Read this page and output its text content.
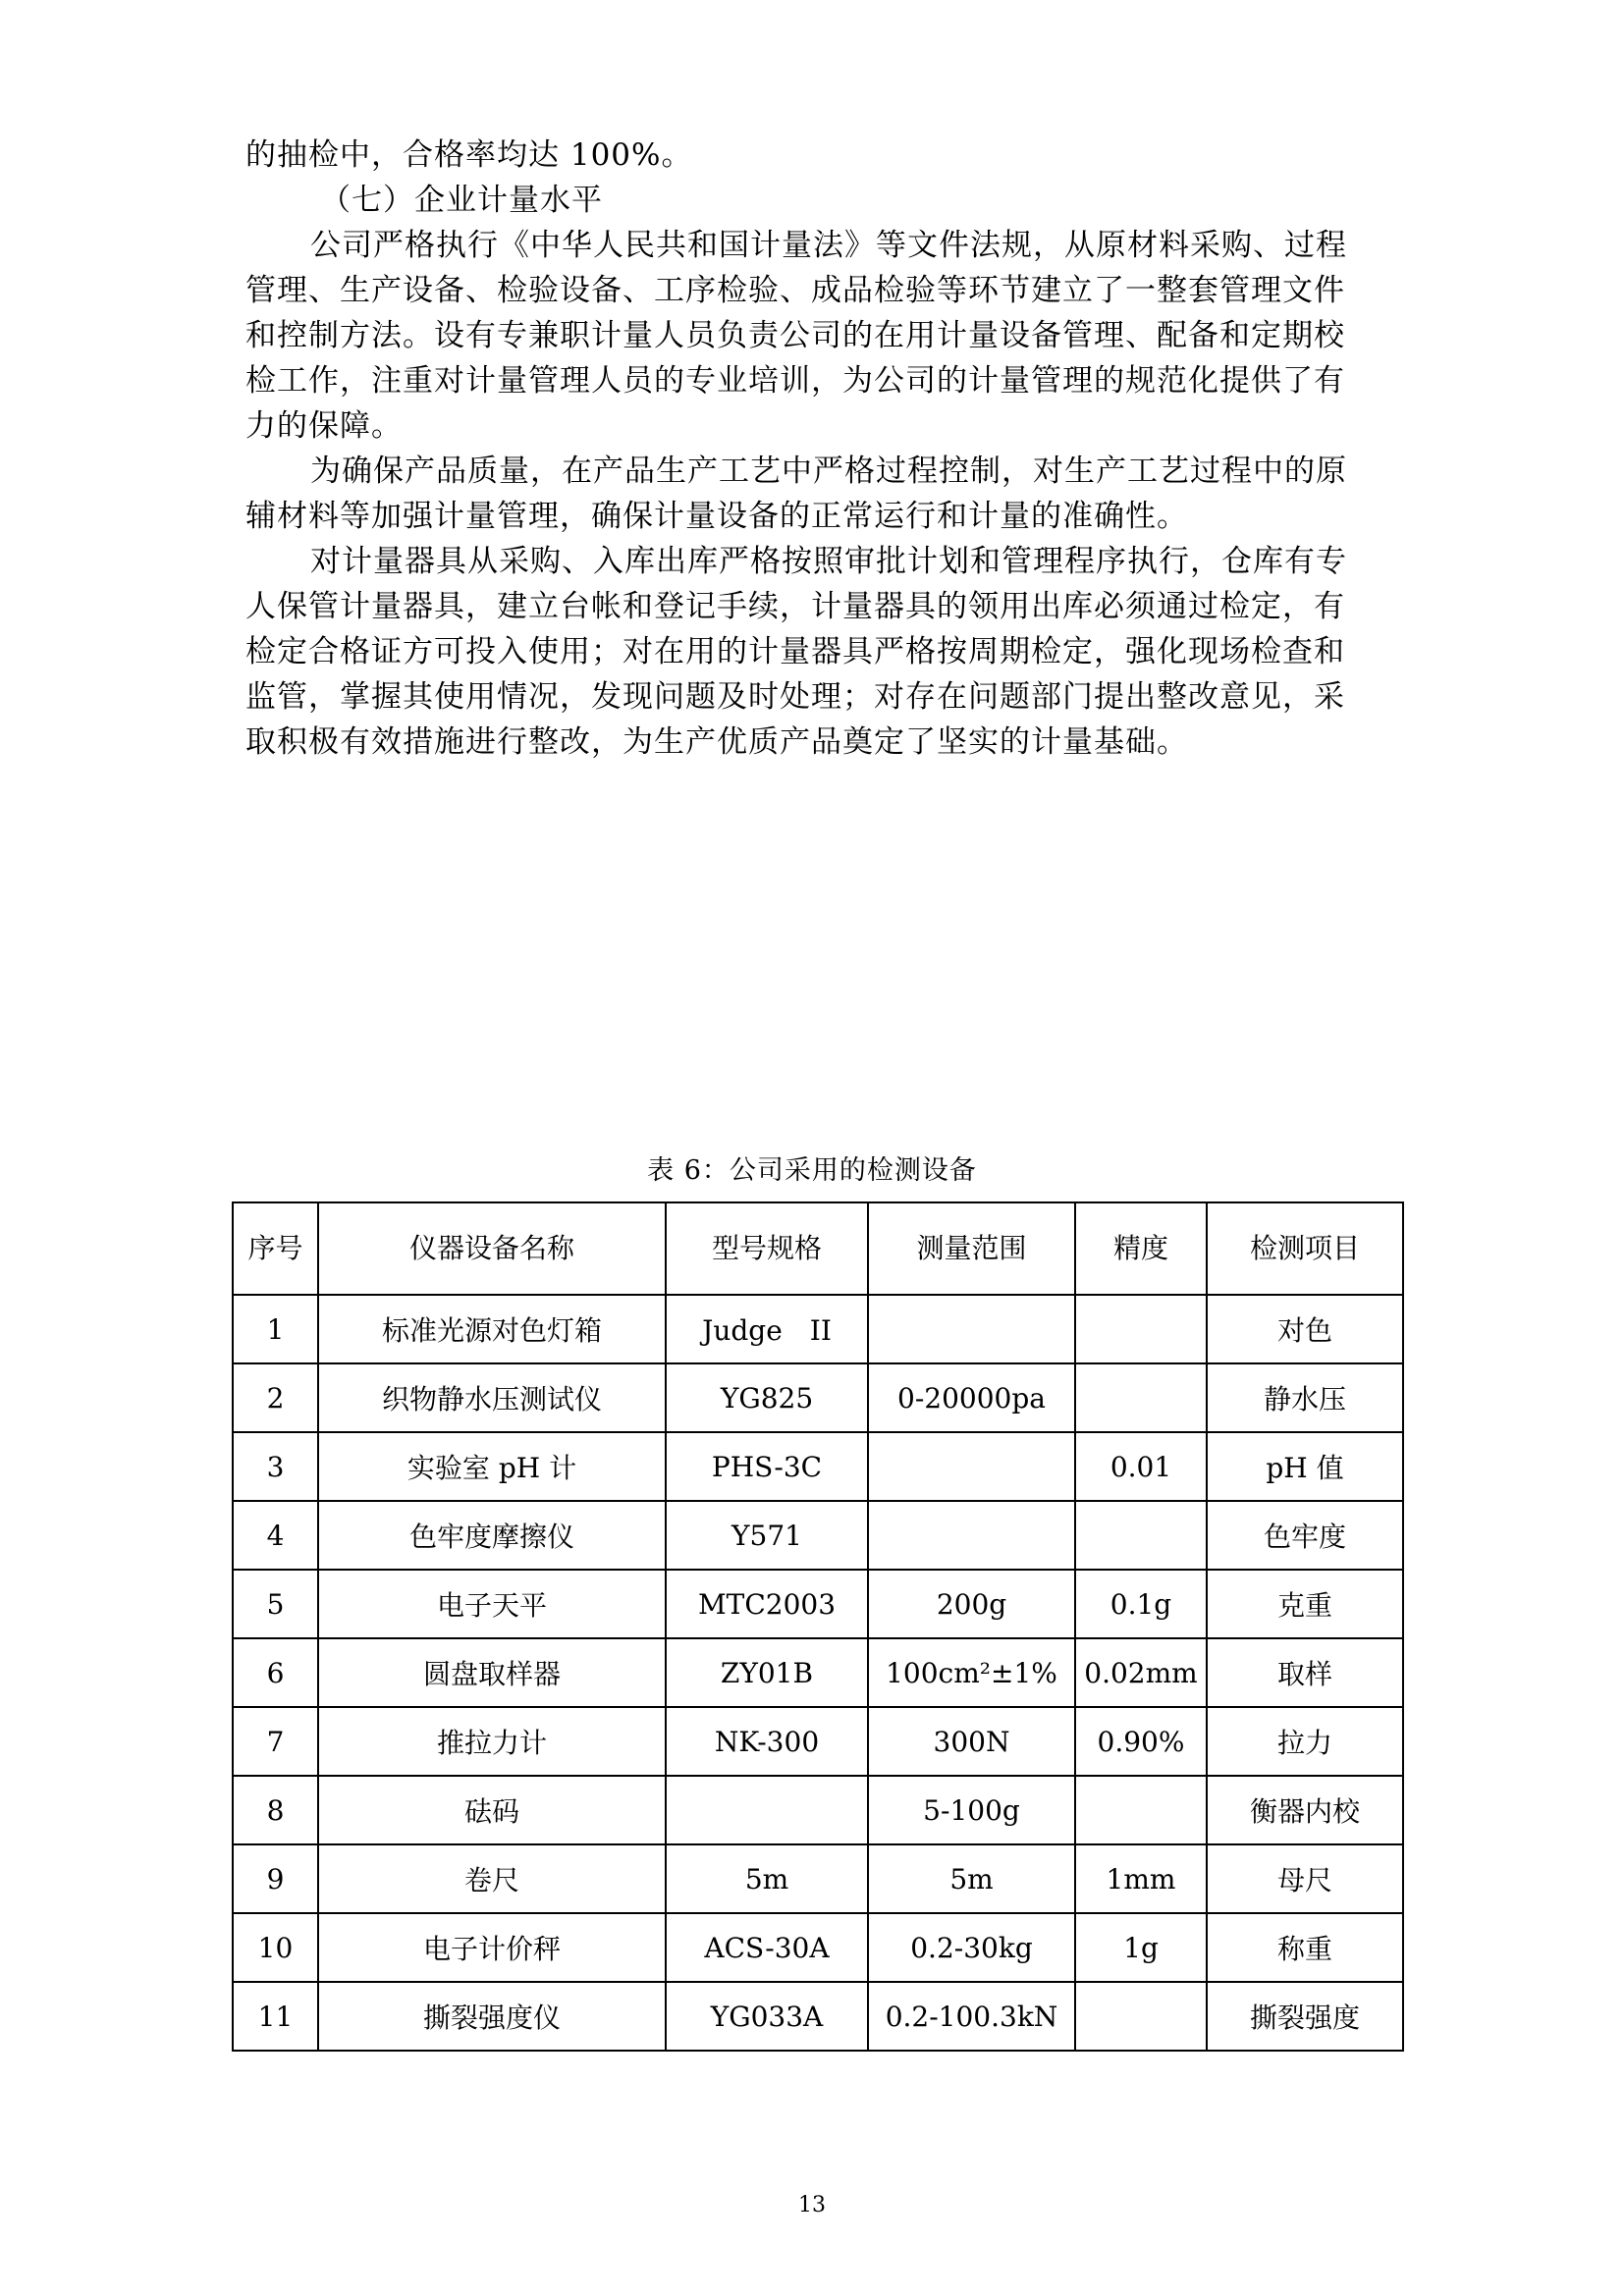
的抽检中，合格率均达 100%。
（七）企业计量水平
公司严格执行《中华人民共和国计量法》等文件法规，从原材料采购、过程
管理、生产设备、检验设备、工序检验、成品检验等环节建立了一整套管理文件
和控制方法。设有专兼职计量人员负责公司的在用计量设备管理、配备和定期校
检工作，注重对计量管理人员的专业培训，为公司的计量管理的规范化提供了有
力的保障。
为确保产品质量，在产品生产工艺中严格过程控制，对生产工艺过程中的原
辅材料等加强计量管理，确保计量设备的正常运行和计量的准确性。
对计量器具从采购、入库出库严格按照审批计划和管理程序执行，仓库有专
人保管计量器具，建立台帐和登记手续，计量器具的领用出库必须通过检定，有
检定合格证方可投入使用；对在用的计量器具严格按周期检定，强化现场检查和
监管，掌握其使用情况，发现问题及时处理；对存在问题部门提出整改意见，采
取积极有效措施进行整改，为生产优质产品奠定了坚实的计量基础。
表 6：公司采用的检测设备
序号	仪器设备名称	型号规格	测量范围	精度	检测项目
1	标准光源对色灯箱	Judge　II			对色
2	织物静水压测试仪	YG825	0-20000pa		静水压
3	实验室 pH 计	PHS-3C		0.01	pH 值
4	色牢度摩擦仪	Y571			色牢度
5	电子天平	MTC2003	200g	0.1g	克重
6	圆盘取样器	ZY01B	100cm²±1%	0.02mm	取样
7	推拉力计	NK-300	300N	0.90%	拉力
8	砝码		5-100g		衡器内校
9	卷尺	5m	5m	1mm	母尺
10	电子计价秤	ACS-30A	0.2-30kg	1g	称重
11	撕裂强度仪	YG033A	0.2-100.3kN		撕裂强度
13
